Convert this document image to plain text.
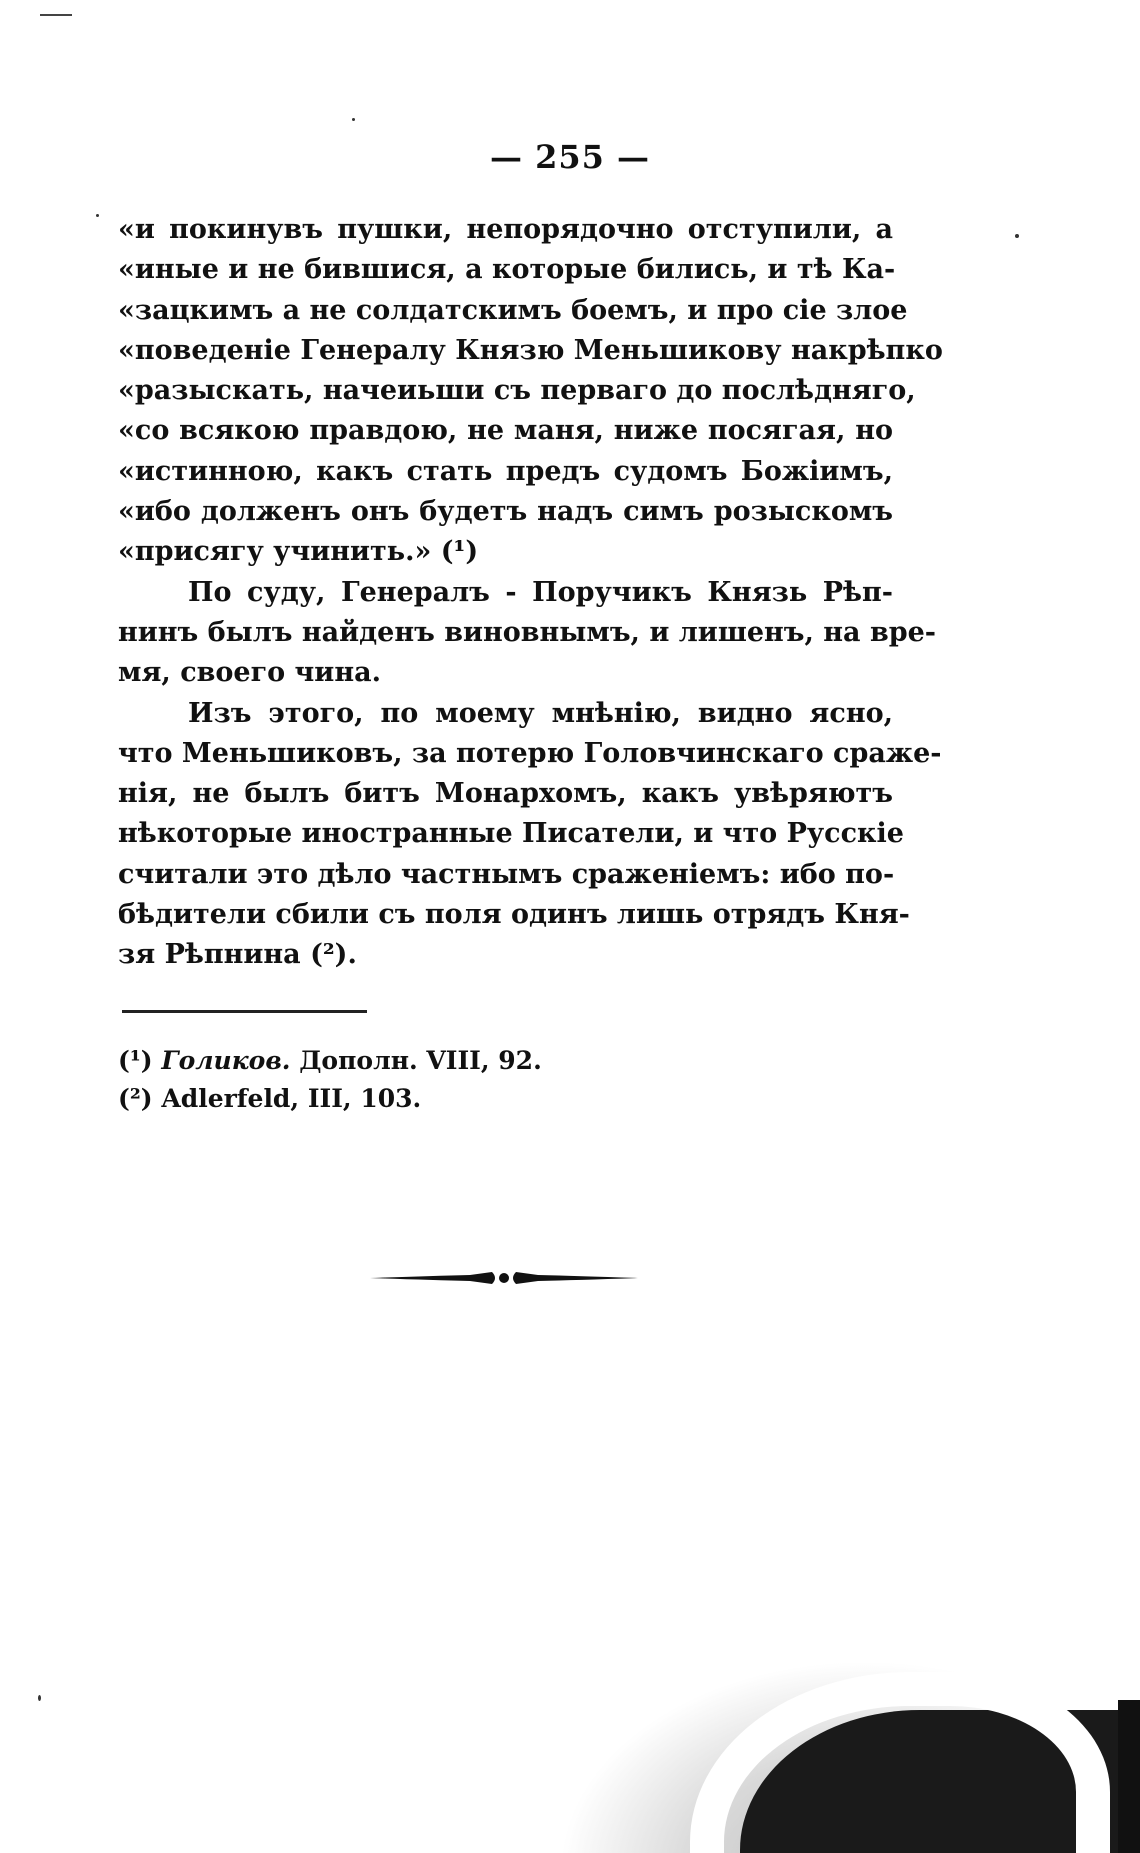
— 255 —
«и покинувъ пушки, непорядочно отступили, а
«иные и не бившися, а которые бились, и тѣ Ка-
«зацкимъ а не солдатскимъ боемъ, и про сіе злое
«поведеніе Генералу Князю Меньшикову накрѣпко
«разыскать, начеиьши съ перваго до послѣдняго,
«со всякою правдою, не маня, ниже посягая, но
«истинною, какъ стать предъ судомъ Божіимъ,
«ибо долженъ онъ будетъ надъ симъ розыскомъ
«присягу учинить.» (¹)
По суду, Генералъ - Поручикъ Князь Рѣп-
нинъ былъ найденъ виновнымъ, и лишенъ, на вре-
мя, своего чина.
Изъ этого, по моему мнѣнію, видно ясно,
что Меньшиковъ, за потерю Головчинскаго сраже-
нія, не былъ битъ Монархомъ, какъ увѣряютъ
нѣкоторые иностранные Писатели, и что Русскіе
считали это дѣло частнымъ сраженіемъ: ибо по-
бѣдители сбили съ поля одинъ лишь отрядъ Кня-
зя Рѣпнина (²).
(¹) Голиков. Дополн. VIII, 92.
(²) Adlerfeld, III, 103.
